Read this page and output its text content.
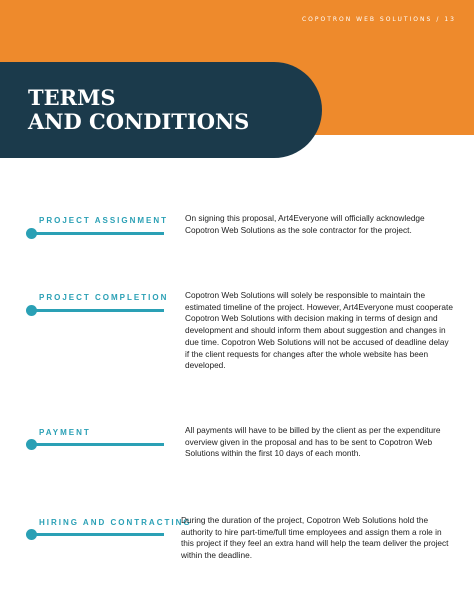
COPOTRON WEB SOLUTIONS / 13
TERMS
AND CONDITIONS
PROJECT ASSIGNMENT On signing this proposal, Art4Everyone will officially acknowledge Copotron Web Solutions as the sole contractor for the project.

PROJECT COMPLETION Copotron Web Solutions will solely be responsible to maintain the estimated timeline of the project. However, Art4Everyone must cooperate Copotron Web Solutions with decision making in terms of design and development and should inform them about suggestion and changes in due time. Copotron Web Solutions will not be accused of deadline delay if the client requests for changes after the whole website has been developed.

PAYMENT	All payments will have to be billed by the client as per the expenditure overview given in the proposal and has to be sent to Copotron Web Solutions within the first 10 days of each month.

HIRING AND CONTRACTING

During the duration of the project, Copotron Web Solutions hold the authority to hire part-time/full time employees and assign them a role in this project if they feel an extra hand will help the team deliver the project within the deadline.
